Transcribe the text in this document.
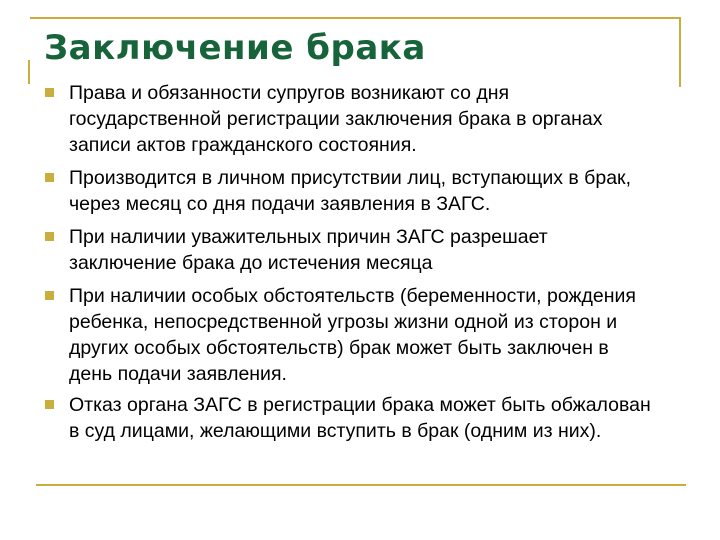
Заключение брака
Права и обязанности супругов возникают со дня государственной регистрации заключения брака в органах записи актов гражданского состояния.
Производится в личном присутствии лиц, вступающих в брак, через месяц со дня подачи заявления в ЗАГС.
При наличии уважительных причин ЗАГС разрешает заключение брака до истечения месяца
При наличии особых обстоятельств (беременности, рождения ребенка, непосредственной угрозы жизни одной из сторон и других особых обстоятельств) брак может быть заключен в день подачи заявления.
Отказ органа ЗАГС в регистрации брака может быть обжалован в суд лицами, желающими вступить в брак (одним из них).
